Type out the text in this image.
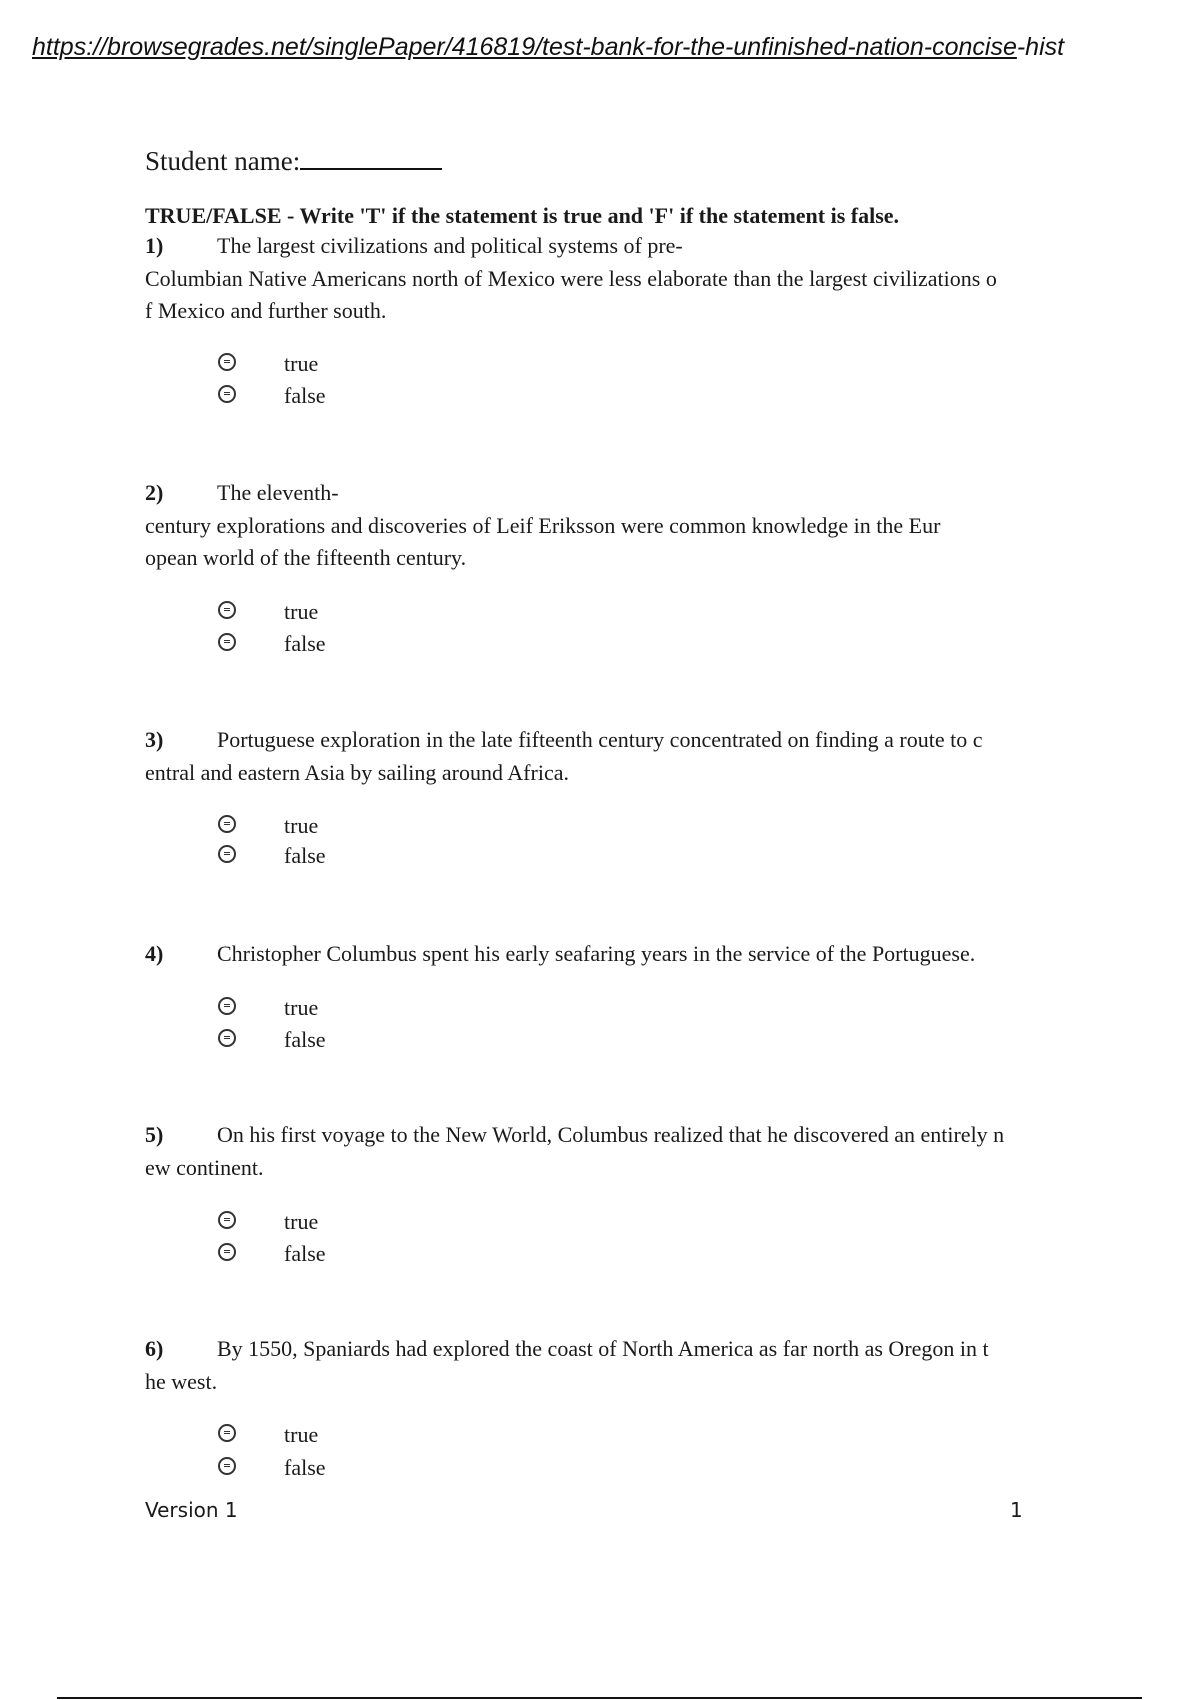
https://browsegrades.net/singlePaper/416819/test-bank-for-the-unfinished-nation-concise-hist
Student name:
TRUE/FALSE - Write 'T' if the statement is true and 'F' if the statement is false.
1) The largest civilizations and political systems of pre-
Columbian Native Americans north of Mexico were less elaborate than the largest civilizations o
f Mexico and further south.
true
false
2) The eleventh-
century explorations and discoveries of Leif Eriksson were common knowledge in the Eur
opean world of the fifteenth century.
true
false
3) Portuguese exploration in the late fifteenth century concentrated on finding a route to c
entral and eastern Asia by sailing around Africa.
true
false
4) Christopher Columbus spent his early seafaring years in the service of the Portuguese.
true
false
5) On his first voyage to the New World, Columbus realized that he discovered an entirely n
ew continent.
true
false
6) By 1550, Spaniards had explored the coast of North America as far north as Oregon in t
he west.
true
false
Version 1	1
